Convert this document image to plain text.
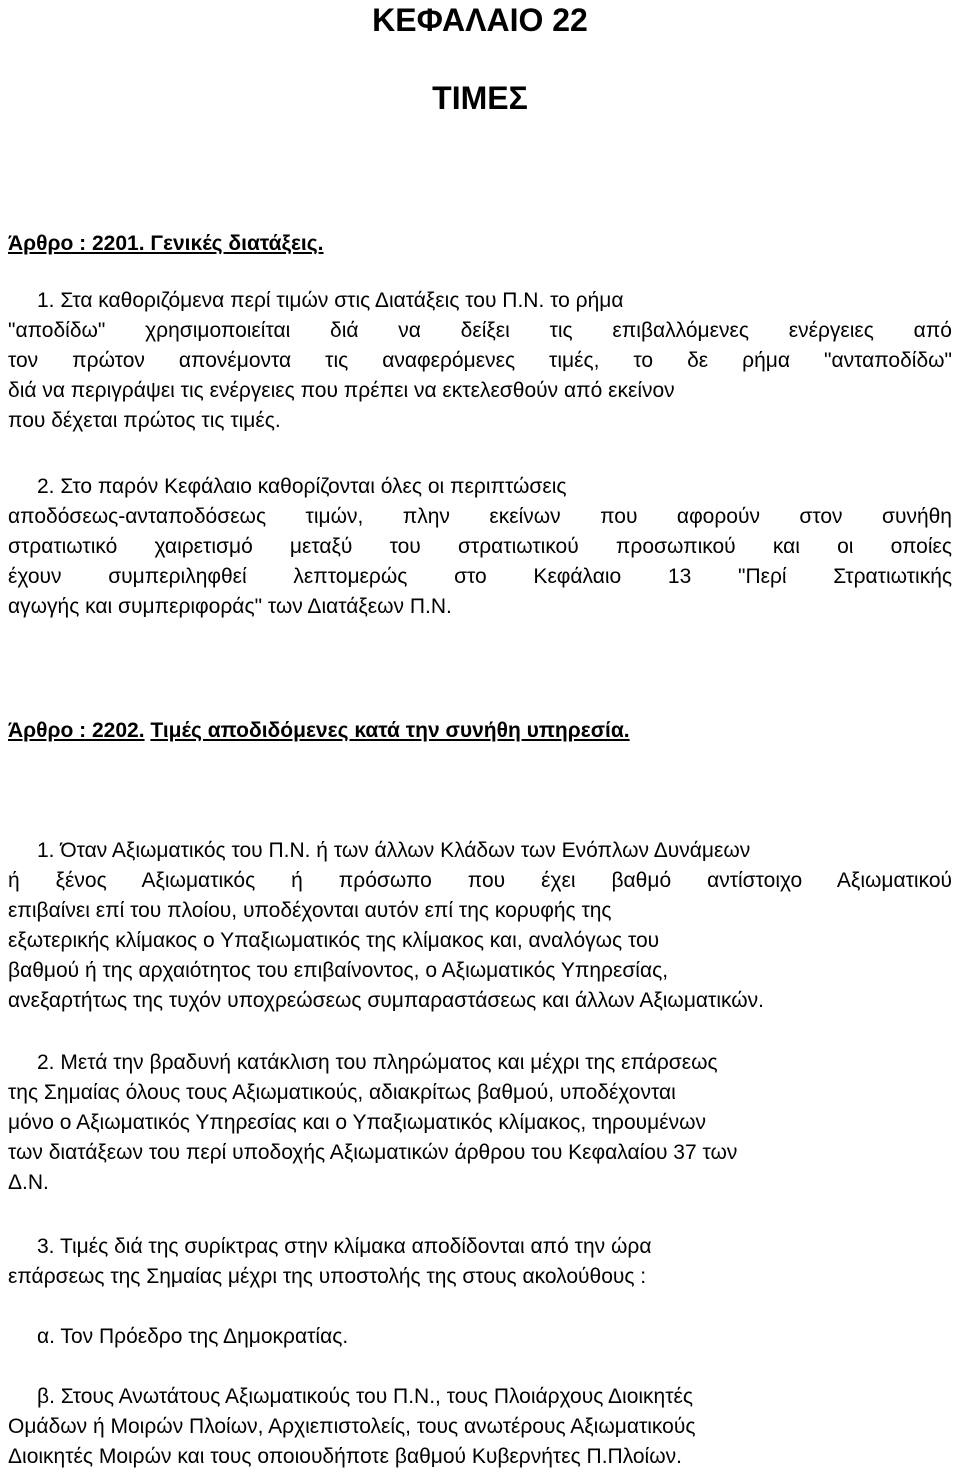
ΚΕΦΑΛΑΙΟ 22
ΤΙΜΕΣ
Άρθρο : 2201. Γενικές διατάξεις.
1. Στα καθοριζόμενα περί τιμών στις Διατάξεις του Π.Ν. το ρήμα
"αποδίδω" χρησιμοποιείται διά να δείξει τις επιβαλλόμενες ενέργειες από
τον πρώτον απονέμοντα τις αναφερόμενες τιμές, το δε ρήμα "ανταποδίδω"
διά να περιγράψει τις ενέργειες που πρέπει να εκτελεσθούν από εκείνον
που δέχεται πρώτος τις τιμές.
2. Στο παρόν Κεφάλαιο καθορίζονται όλες οι περιπτώσεις
αποδόσεως-ανταποδόσεως τιμών, πλην εκείνων που αφορούν στον συνήθη
στρατιωτικό χαιρετισμό μεταξύ του στρατιωτικού προσωπικού και οι οποίες
έχουν συμπεριληφθεί λεπτομερώς στο Κεφάλαιο 13 "Περί Στρατιωτικής
αγωγής και συμπεριφοράς" των Διατάξεων Π.Ν.
Άρθρο : 2202. Τιμές αποδιδόμενες κατά την συνήθη υπηρεσία.
1. Όταν Αξιωματικός του Π.Ν. ή των άλλων Κλάδων των Ενόπλων Δυνάμεων
ή ξένος Αξιωματικός ή πρόσωπο που έχει βαθμό αντίστοιχο Αξιωματικού
επιβαίνει επί του πλοίου, υποδέχονται αυτόν επί της κορυφής της
εξωτερικής κλίμακος ο Υπαξιωματικός της κλίμακος και, αναλόγως του
βαθμού ή της αρχαιότητος του επιβαίνοντος, ο Αξιωματικός Υπηρεσίας,
ανεξαρτήτως της τυχόν υποχρεώσεως συμπαραστάσεως και άλλων Αξιωματικών.
2. Μετά την βραδυνή κατάκλιση του πληρώματος και μέχρι της επάρσεως
της Σημαίας όλους τους Αξιωματικούς, αδιακρίτως βαθμού, υποδέχονται
μόνο ο Αξιωματικός Υπηρεσίας και ο Υπαξιωματικός κλίμακος, τηρουμένων
των διατάξεων του περί υποδοχής Αξιωματικών άρθρου του Κεφαλαίου 37 των
Δ.Ν.
3. Τιμές διά της συρίκτρας στην κλίμακα αποδίδονται από την ώρα
επάρσεως της Σημαίας μέχρι της υποστολής της στους ακολούθους :
α. Τον Πρόεδρο της Δημοκρατίας.
β. Στους Ανωτάτους Αξιωματικούς του Π.Ν., τους Πλοιάρχους Διοικητές
Ομάδων ή Μοιρών Πλοίων, Αρχιεπιστολείς, τους ανωτέρους Αξιωματικούς
Διοικητές Μοιρών και τους οποιουδήποτε βαθμού Κυβερνήτες Π.Πλοίων.
